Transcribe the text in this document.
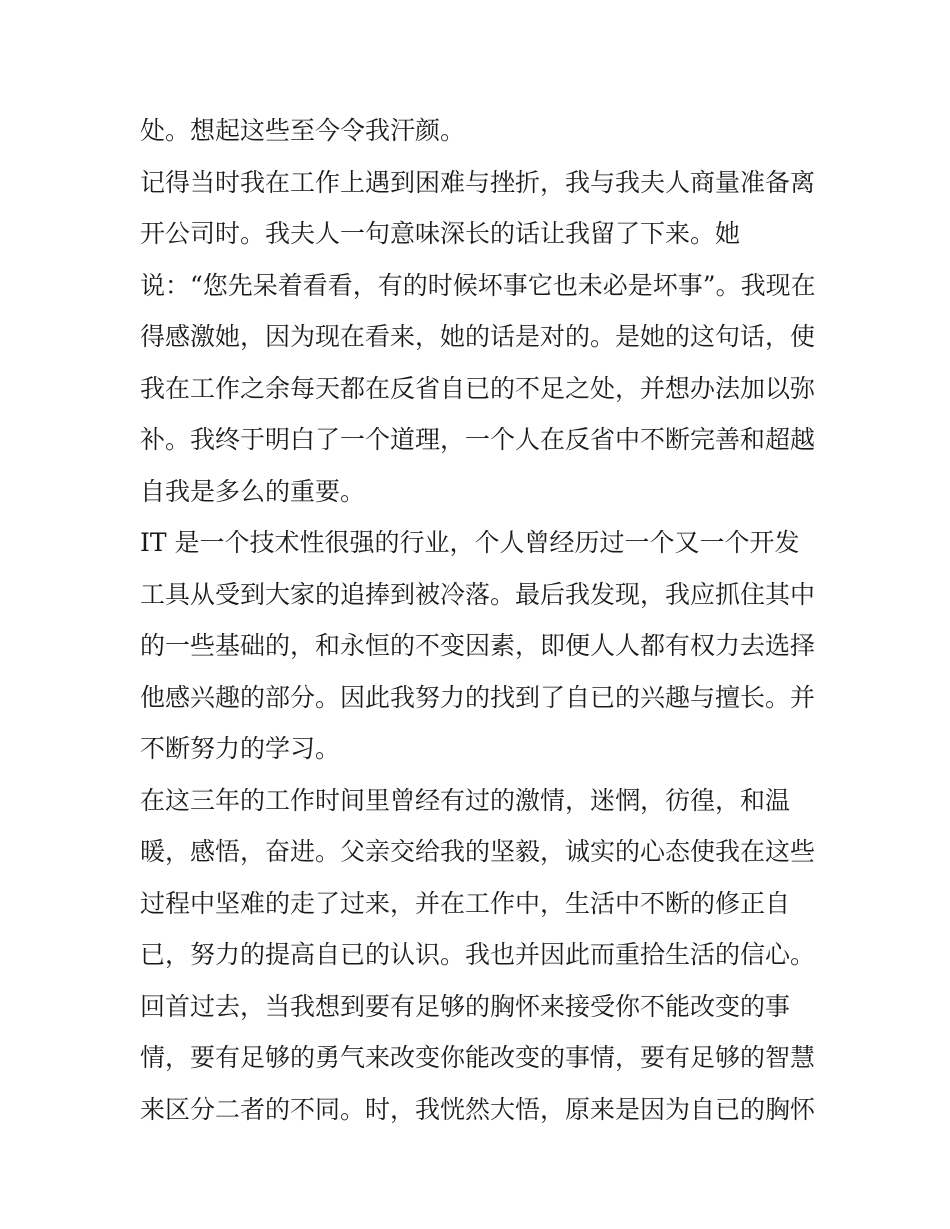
处。想起这些至今令我汗颜。
记得当时我在工作上遇到困难与挫折，我与我夫人商量准备离
开公司时。我夫人一句意味深长的话让我留了下来。她
说：“您先呆着看看，有的时候坏事它也未必是坏事”。我现在
得感激她，因为现在看来，她的话是对的。是她的这句话，使
我在工作之余每天都在反省自已的不足之处，并想办法加以弥
补。我终于明白了一个道理，一个人在反省中不断完善和超越
自我是多么的重要。
IT 是一个技术性很强的行业，个人曾经历过一个又一个开发
工具从受到大家的追捧到被冷落。最后我发现，我应抓住其中
的一些基础的，和永恒的不变因素，即便人人都有权力去选择
他感兴趣的部分。因此我努力的找到了自已的兴趣与擅长。并
不断努力的学习。
在这三年的工作时间里曾经有过的激情，迷惘，彷徨，和温
暖，感悟，奋进。父亲交给我的坚毅，诚实的心态使我在这些
过程中坚难的走了过来，并在工作中，生活中不断的修正自
已，努力的提高自已的认识。我也并因此而重拾生活的信心。
回首过去，当我想到要有足够的胸怀来接受你不能改变的事
情，要有足够的勇气来改变你能改变的事情，要有足够的智慧
来区分二者的不同。时，我恍然大悟，原来是因为自已的胸怀
